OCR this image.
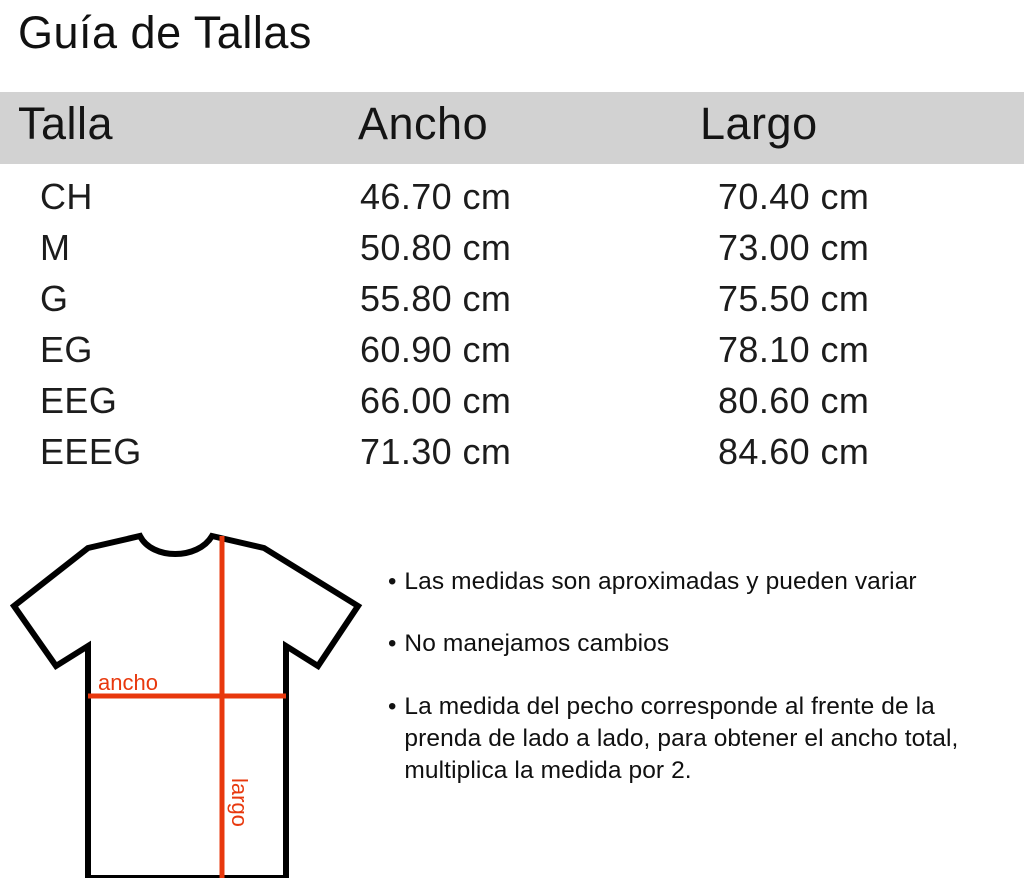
Guía de Tallas
Talla	Ancho	Largo
CH	46.70 cm	70.40 cm
M	50.80 cm	73.00 cm
G	55.80 cm	75.50 cm
EG	60.90 cm	78.10 cm
EEG	66.00 cm	80.60 cm
EEEG	71.30 cm	84.60 cm
ancho
largo
• Las medidas son aproximadas y pueden variar
• No manejamos cambios
• La medida del pecho corresponde al frente de la prenda de lado a lado, para obtener el ancho total, multiplica la medida por 2.
